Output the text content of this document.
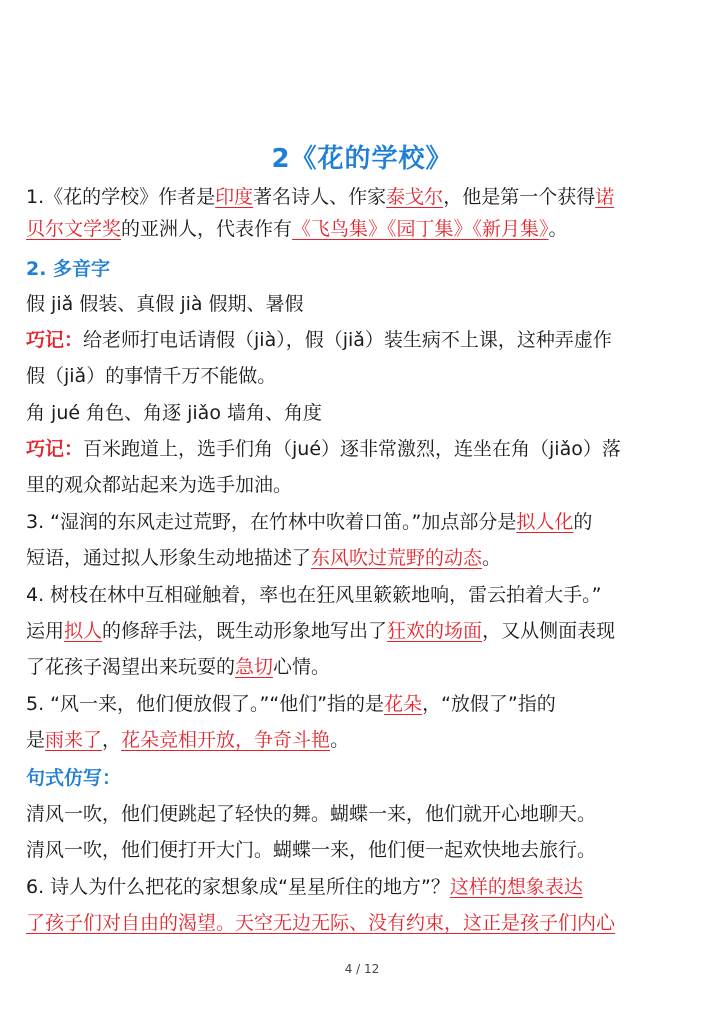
2《花的学校》
1.《花的学校》作者是印度著名诗人、作家泰戈尔，他是第一个获得诺
贝尔文学奖的亚洲人，代表作有《飞鸟集》《园丁集》《新月集》。
2. 多音字
假 jiǎ 假装、真假 jià 假期、暑假
巧记：给老师打电话请假（jià），假（jiǎ）装生病不上课，这种弄虚作
假（jiǎ）的事情千万不能做。
角 jué 角色、角逐 jiǎo 墙角、角度
巧记：百米跑道上，选手们角（jué）逐非常激烈，连坐在角（jiǎo）落
里的观众都站起来为选手加油。
3. “湿润的东风走过荒野，在竹林中吹着口笛。”加点部分是拟人化的
短语，通过拟人形象生动地描述了东风吹过荒野的动态。
4. 树枝在林中互相碰触着，率也在狂风里簌簌地响，雷云拍着大手。”
运用拟人的修辞手法，既生动形象地写出了狂欢的场面，又从侧面表现
了花孩子渴望出来玩耍的急切心情。
5. “风一来，他们便放假了。”“他们”指的是花朵，“放假了”指的
是雨来了，花朵竞相开放，争奇斗艳。
句式仿写：
清风一吹，他们便跳起了轻快的舞。蝴蝶一来，他们就开心地聊天。
清风一吹，他们便打开大门。蝴蝶一来，他们便一起欢快地去旅行。
6. 诗人为什么把花的家想象成“星星所住的地方”？这样的想象表达
了孩子们对自由的渴望。天空无边无际、没有约束，这正是孩子们内心
4 / 12
